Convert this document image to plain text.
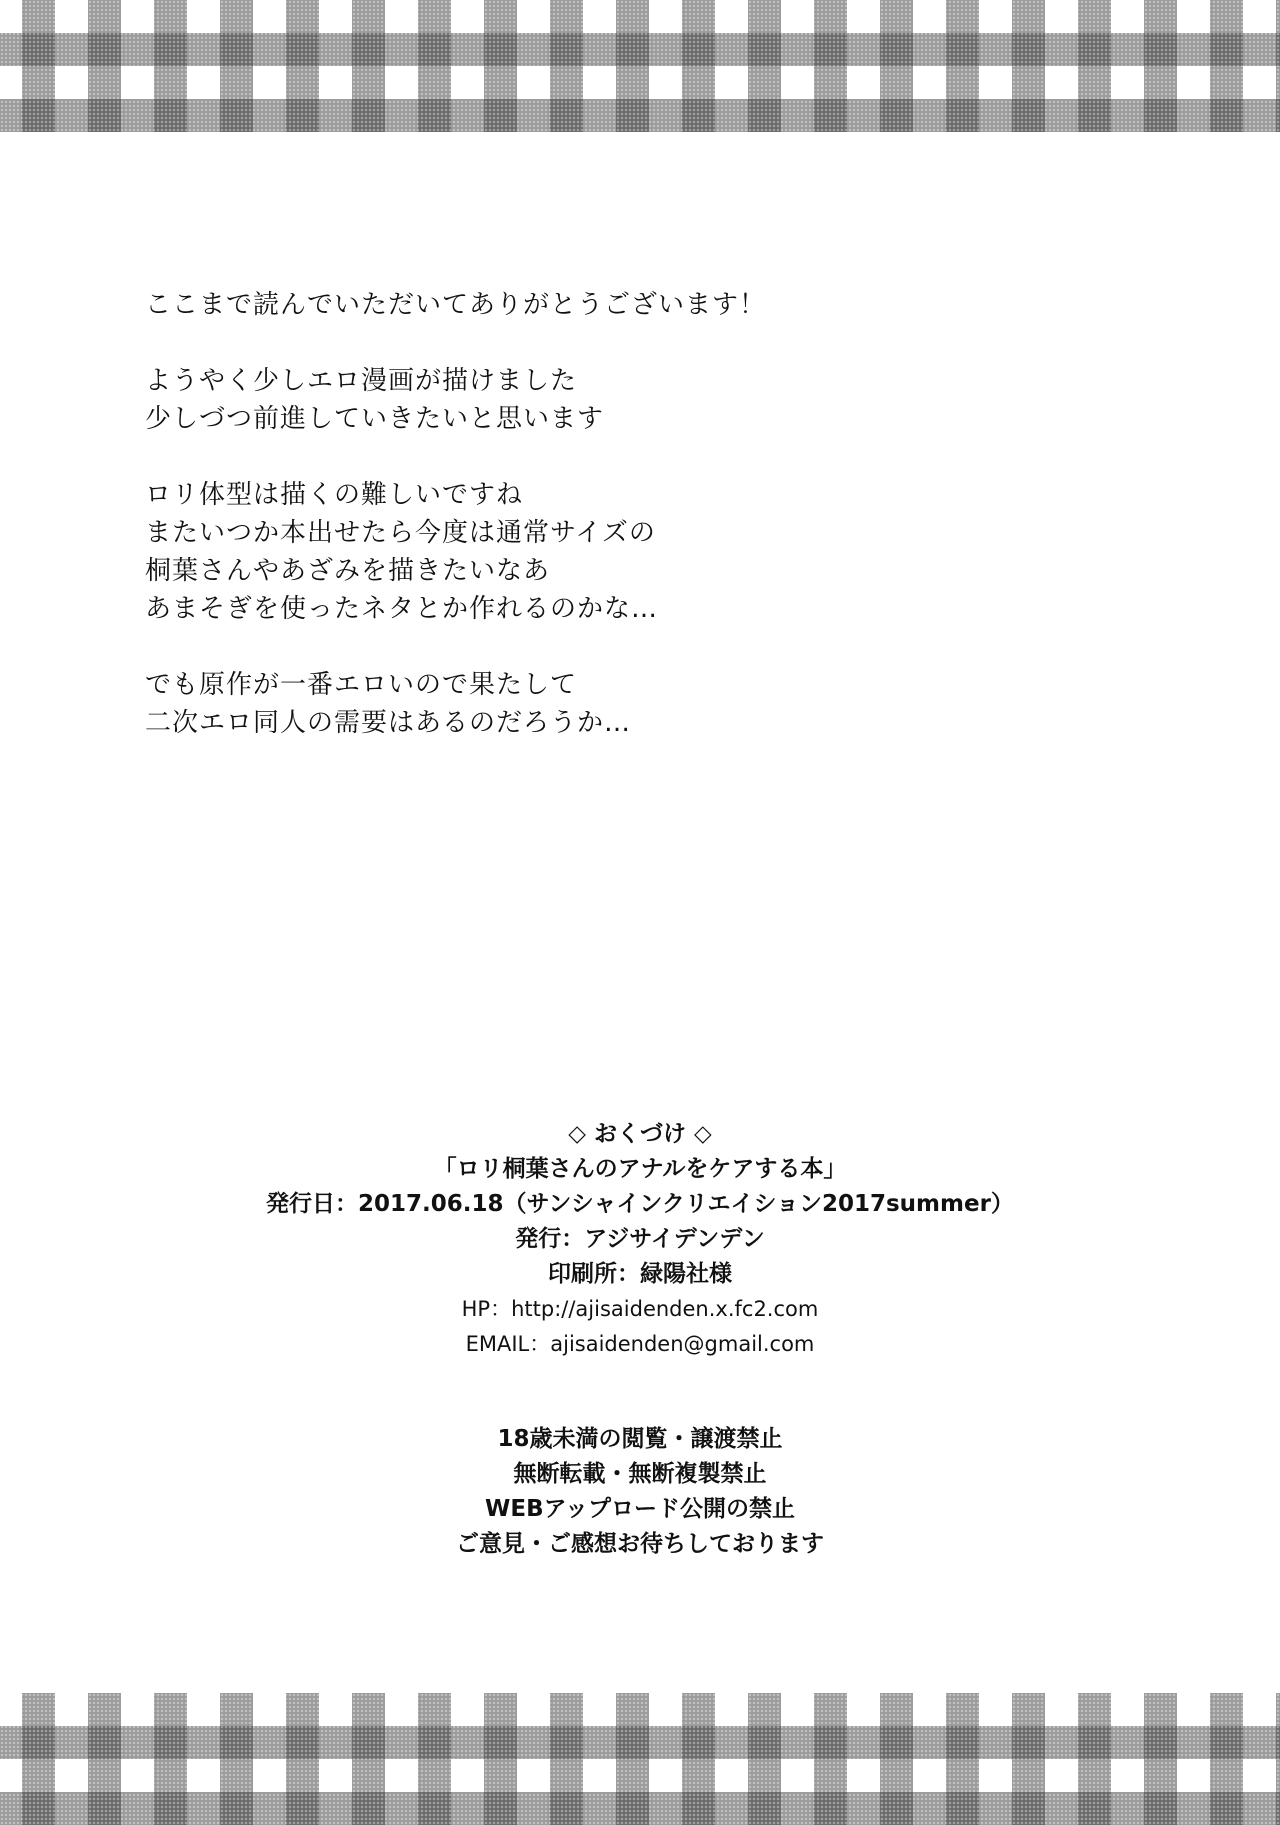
ここまで読んでいただいてありがとうございます！
ようやく少しエロ漫画が描けました
少しづつ前進していきたいと思います
ロリ体型は描くの難しいですね
またいつか本出せたら今度は通常サイズの
桐葉さんやあざみを描きたいなあ
あまそぎを使ったネタとか作れるのかな…
でも原作が一番エロいので果たして
二次エロ同人の需要はあるのだろうか…
◇ おくづけ ◇
「ロリ桐葉さんのアナルをケアする本」
発行日：2017.06.18（サンシャインクリエイション2017summer）
発行：アジサイデンデン
印刷所：緑陽社様
HP：http://ajisaidenden.x.fc2.com
EMAIL：ajisaidenden@gmail.com
18歳未満の閲覧・譲渡禁止
無断転載・無断複製禁止
WEBアップロード公開の禁止
ご意見・ご感想お待ちしております
